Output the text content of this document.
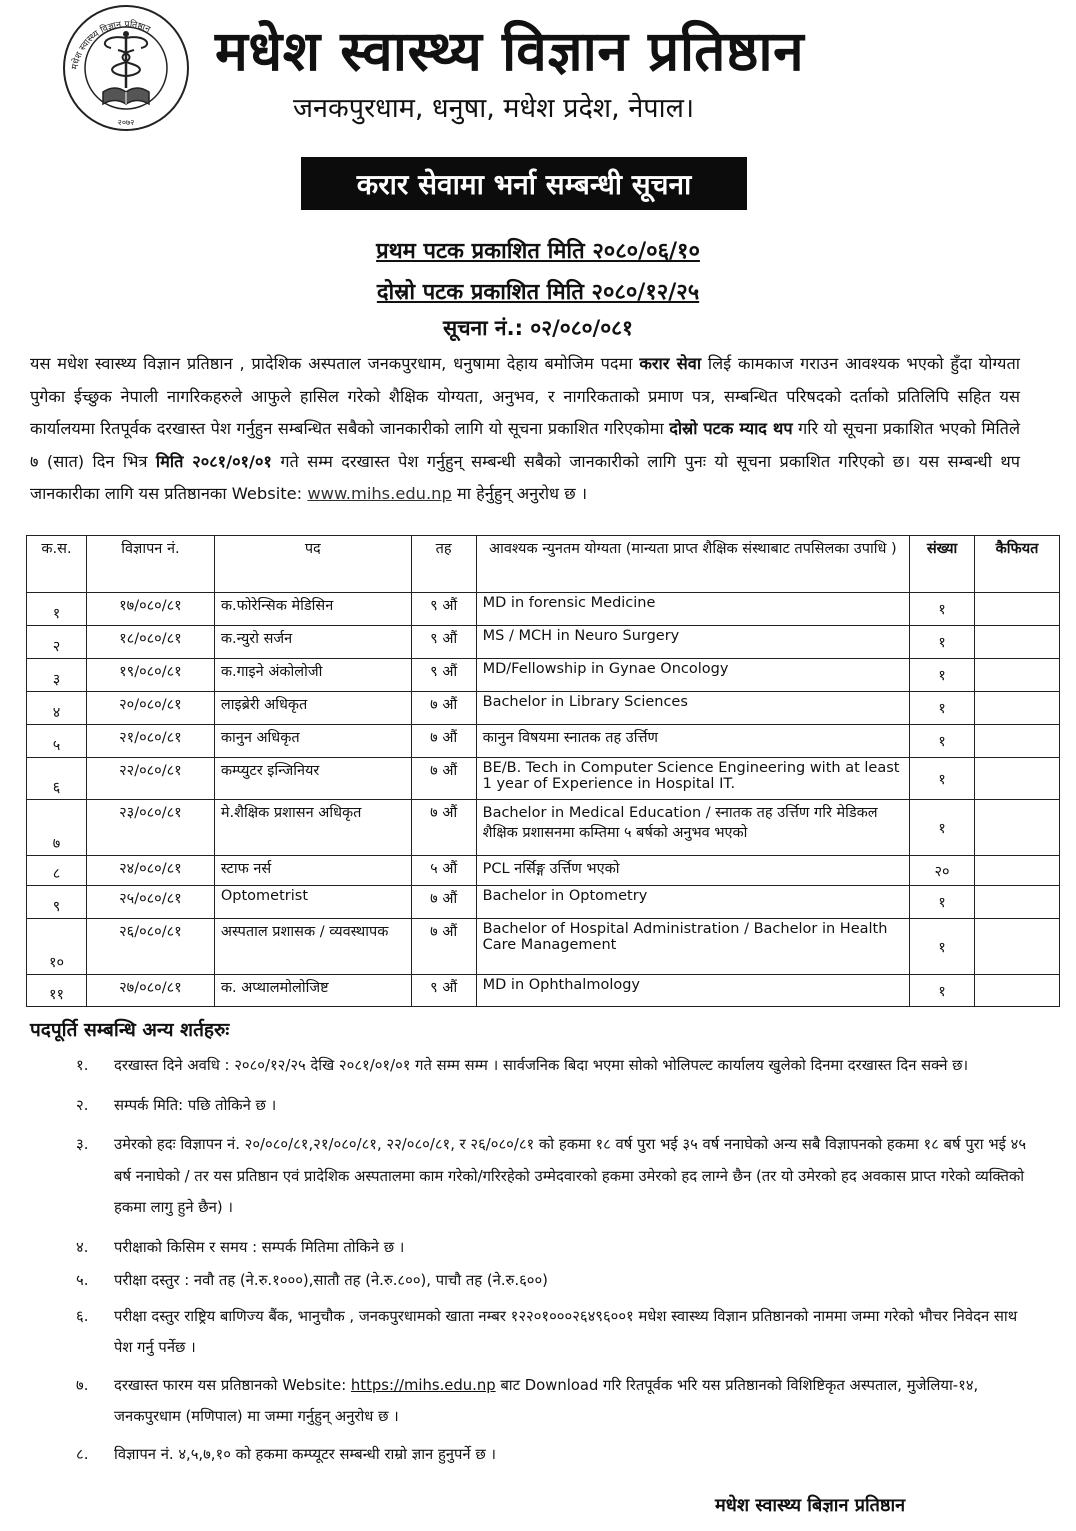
मधेश स्वास्थ्य विज्ञान प्रतिष्ठान
२०७२
मधेश स्वास्थ्य विज्ञान प्रतिष्ठान
जनकपुरधाम, धनुषा, मधेश प्रदेश, नेपाल।
करार सेवामा भर्ना सम्बन्धी सूचना
प्रथम पटक प्रकाशित मिति २०८०/०६/१०
दोस्रो पटक प्रकाशित मिति २०८०/१२/२५
सूचना नं.: ०२/०८०/०८१
यस मधेश स्वास्थ्य विज्ञान प्रतिष्ठान , प्रादेशिक अस्पताल जनकपुरधाम, धनुषामा देहाय बमोजिम पदमा करार सेवा लिई कामकाज गराउन आवश्यक भएको हुँदा योग्यता पुगेका ईच्छुक नेपाली नागरिकहरुले आफुले हासिल गरेको शैक्षिक योग्यता, अनुभव, र नागरिकताको प्रमाण पत्र, सम्बन्धित परिषदको दर्ताको प्रतिलिपि सहित यस कार्यालयमा रितपूर्वक दरखास्त पेश गर्नुहुन सम्बन्धित सबैको जानकारीको लागि यो सूचना प्रकाशित गरिएकोमा दोस्रो पटक म्याद थप गरि यो सूचना प्रकाशित भएको मितिले ७ (सात) दिन भित्र मिति २०८१/०१/०१ गते सम्म दरखास्त पेश गर्नुहुन् सम्बन्धी सबैको जानकारीको लागि पुनः यो सूचना प्रकाशित गरिएको छ। यस सम्बन्धी थप जानकारीका लागि यस प्रतिष्ठानका Website: www.mihs.edu.np मा हेर्नुहुन् अनुरोध छ ।
क.स.	विज्ञापन नं.	पद	तह	आवश्यक न्युनतम योग्यता (मान्यता प्राप्त शैक्षिक संस्थाबाट तपसिलका उपाधि )	संख्या	कैफियत
१	१७/०८०/८१	क.फोरेन्सिक मेडिसिन	९ औं	MD in forensic Medicine	१	
२	१८/०८०/८१	क.न्युरो सर्जन	९ औं	MS / MCH in Neuro Surgery	१	
३	१९/०८०/८१	क.गाइने अंकोलोजी	९ औं	MD/Fellowship in Gynae Oncology	१	
४	२०/०८०/८१	लाइब्रेरी अधिकृत	७ औं	Bachelor in Library Sciences	१	
५	२१/०८०/८१	कानुन अधिकृत	७ औं	कानुन विषयमा स्नातक तह उर्त्तिण	१	
६	२२/०८०/८१	कम्प्युटर इन्जिनियर	७ औं	BE/B. Tech in Computer Science Engineering with at least 1 year of Experience in Hospital IT.	१	
७	२३/०८०/८१	मे.शैक्षिक प्रशासन अधिकृत	७ औं	Bachelor in Medical Education / स्नातक तह उर्त्तिण गरि मेडिकल शैक्षिक प्रशासनमा कम्तिमा ५ बर्षको अनुभव भएको	१	
८	२४/०८०/८१	स्टाफ नर्स	५ औं	PCL नर्सिङ्ग उर्त्तिण भएको	२०	
९	२५/०८०/८१	Optometrist	७ औं	Bachelor in Optometry	१	
१०	२६/०८०/८१	अस्पताल प्रशासक / व्यवस्थापक	७ औं	Bachelor of Hospital Administration / Bachelor in Health Care Management	१	
११	२७/०८०/८१	क. अप्थालमोलोजिष्ट	९ औं	MD in Ophthalmology	१	
पदपूर्ति सम्बन्धि अन्य शर्तहरुः
१. दरखास्त दिने अवधि : २०८०/१२/२५ देखि २०८१/०१/०१ गते सम्म सम्म । सार्वजनिक बिदा भएमा सोको भोलिपल्ट कार्यालय खुलेको दिनमा दरखास्त दिन सक्ने छ।
२. सम्पर्क मिति: पछि तोकिने छ ।
३. उमेरको हदः विज्ञापन नं. २०/०८०/८१,२१/०८०/८१, २२/०८०/८१, र २६/०८०/८१ को हकमा १८ वर्ष पुरा भई ३५ वर्ष ननाघेको अन्य सबै विज्ञापनको हकमा १८ बर्ष पुरा भई ४५ बर्ष ननाघेको / तर यस प्रतिष्ठान एवं प्रादेशिक अस्पतालमा काम गरेको/गरिरहेको उम्मेदवारको हकमा उमेरको हद लाग्ने छैन (तर यो उमेरको हद अवकास प्राप्त गरेको व्यक्तिको हकमा लागु हुने छैन) ।
४. परीक्षाको किसिम र समय : सम्पर्क मितिमा तोकिने छ ।
५. परीक्षा दस्तुर : नवौ तह (ने.रु.१०००),सातौ तह (ने.रु.८००), पाचौ तह (ने.रु.६००)
६. परीक्षा दस्तुर राष्ट्रिय बाणिज्य बैंक, भानुचौक , जनकपुरधामको खाता नम्बर १२२०१०००२६४९६००१ मधेश स्वास्थ्य विज्ञान प्रतिष्ठानको नाममा जम्मा गरेको भौचर निवेदन साथ पेश गर्नु पर्नेछ ।
७. दरखास्त फारम यस प्रतिष्ठानको Website: https://mihs.edu.np बाट Download गरि रितपूर्वक भरि यस प्रतिष्ठानको विशिष्टिकृत अस्पताल, मुजेलिया-१४, जनकपुरधाम (मणिपाल) मा जम्मा गर्नुहुन् अनुरोध छ ।
८. विज्ञापन नं. ४,५,७,१० को हकमा कम्प्यूटर सम्बन्धी राम्रो ज्ञान हुनुपर्ने छ ।
मधेश स्वास्थ्य बिज्ञान प्रतिष्ठान
